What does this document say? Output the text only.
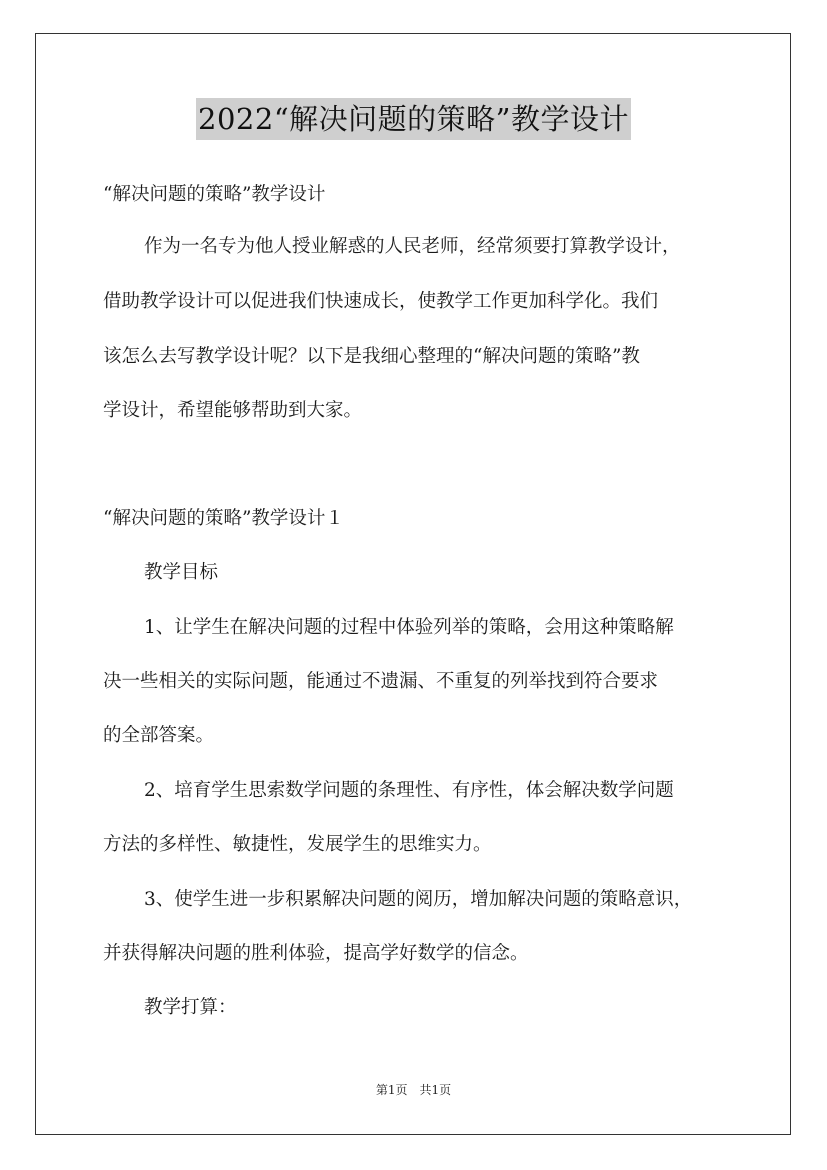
2022“解决问题的策略”教学设计
“解决问题的策略”教学设计
作为一名专为他人授业解惑的人民老师，经常须要打算教学设计，
借助教学设计可以促进我们快速成长，使教学工作更加科学化。我们
该怎么去写教学设计呢？以下是我细心整理的“解决问题的策略”教
学设计，希望能够帮助到大家。
“解决问题的策略”教学设计１
教学目标
1、让学生在解决问题的过程中体验列举的策略，会用这种策略解
决一些相关的实际问题，能通过不遗漏、不重复的列举找到符合要求
的全部答案。
2、培育学生思索数学问题的条理性、有序性，体会解决数学问题
方法的多样性、敏捷性，发展学生的思维实力。
3、使学生进一步积累解决问题的阅历，增加解决问题的策略意识，
并获得解决问题的胜利体验，提高学好数学的信念。
教学打算：
第1页　共1页
